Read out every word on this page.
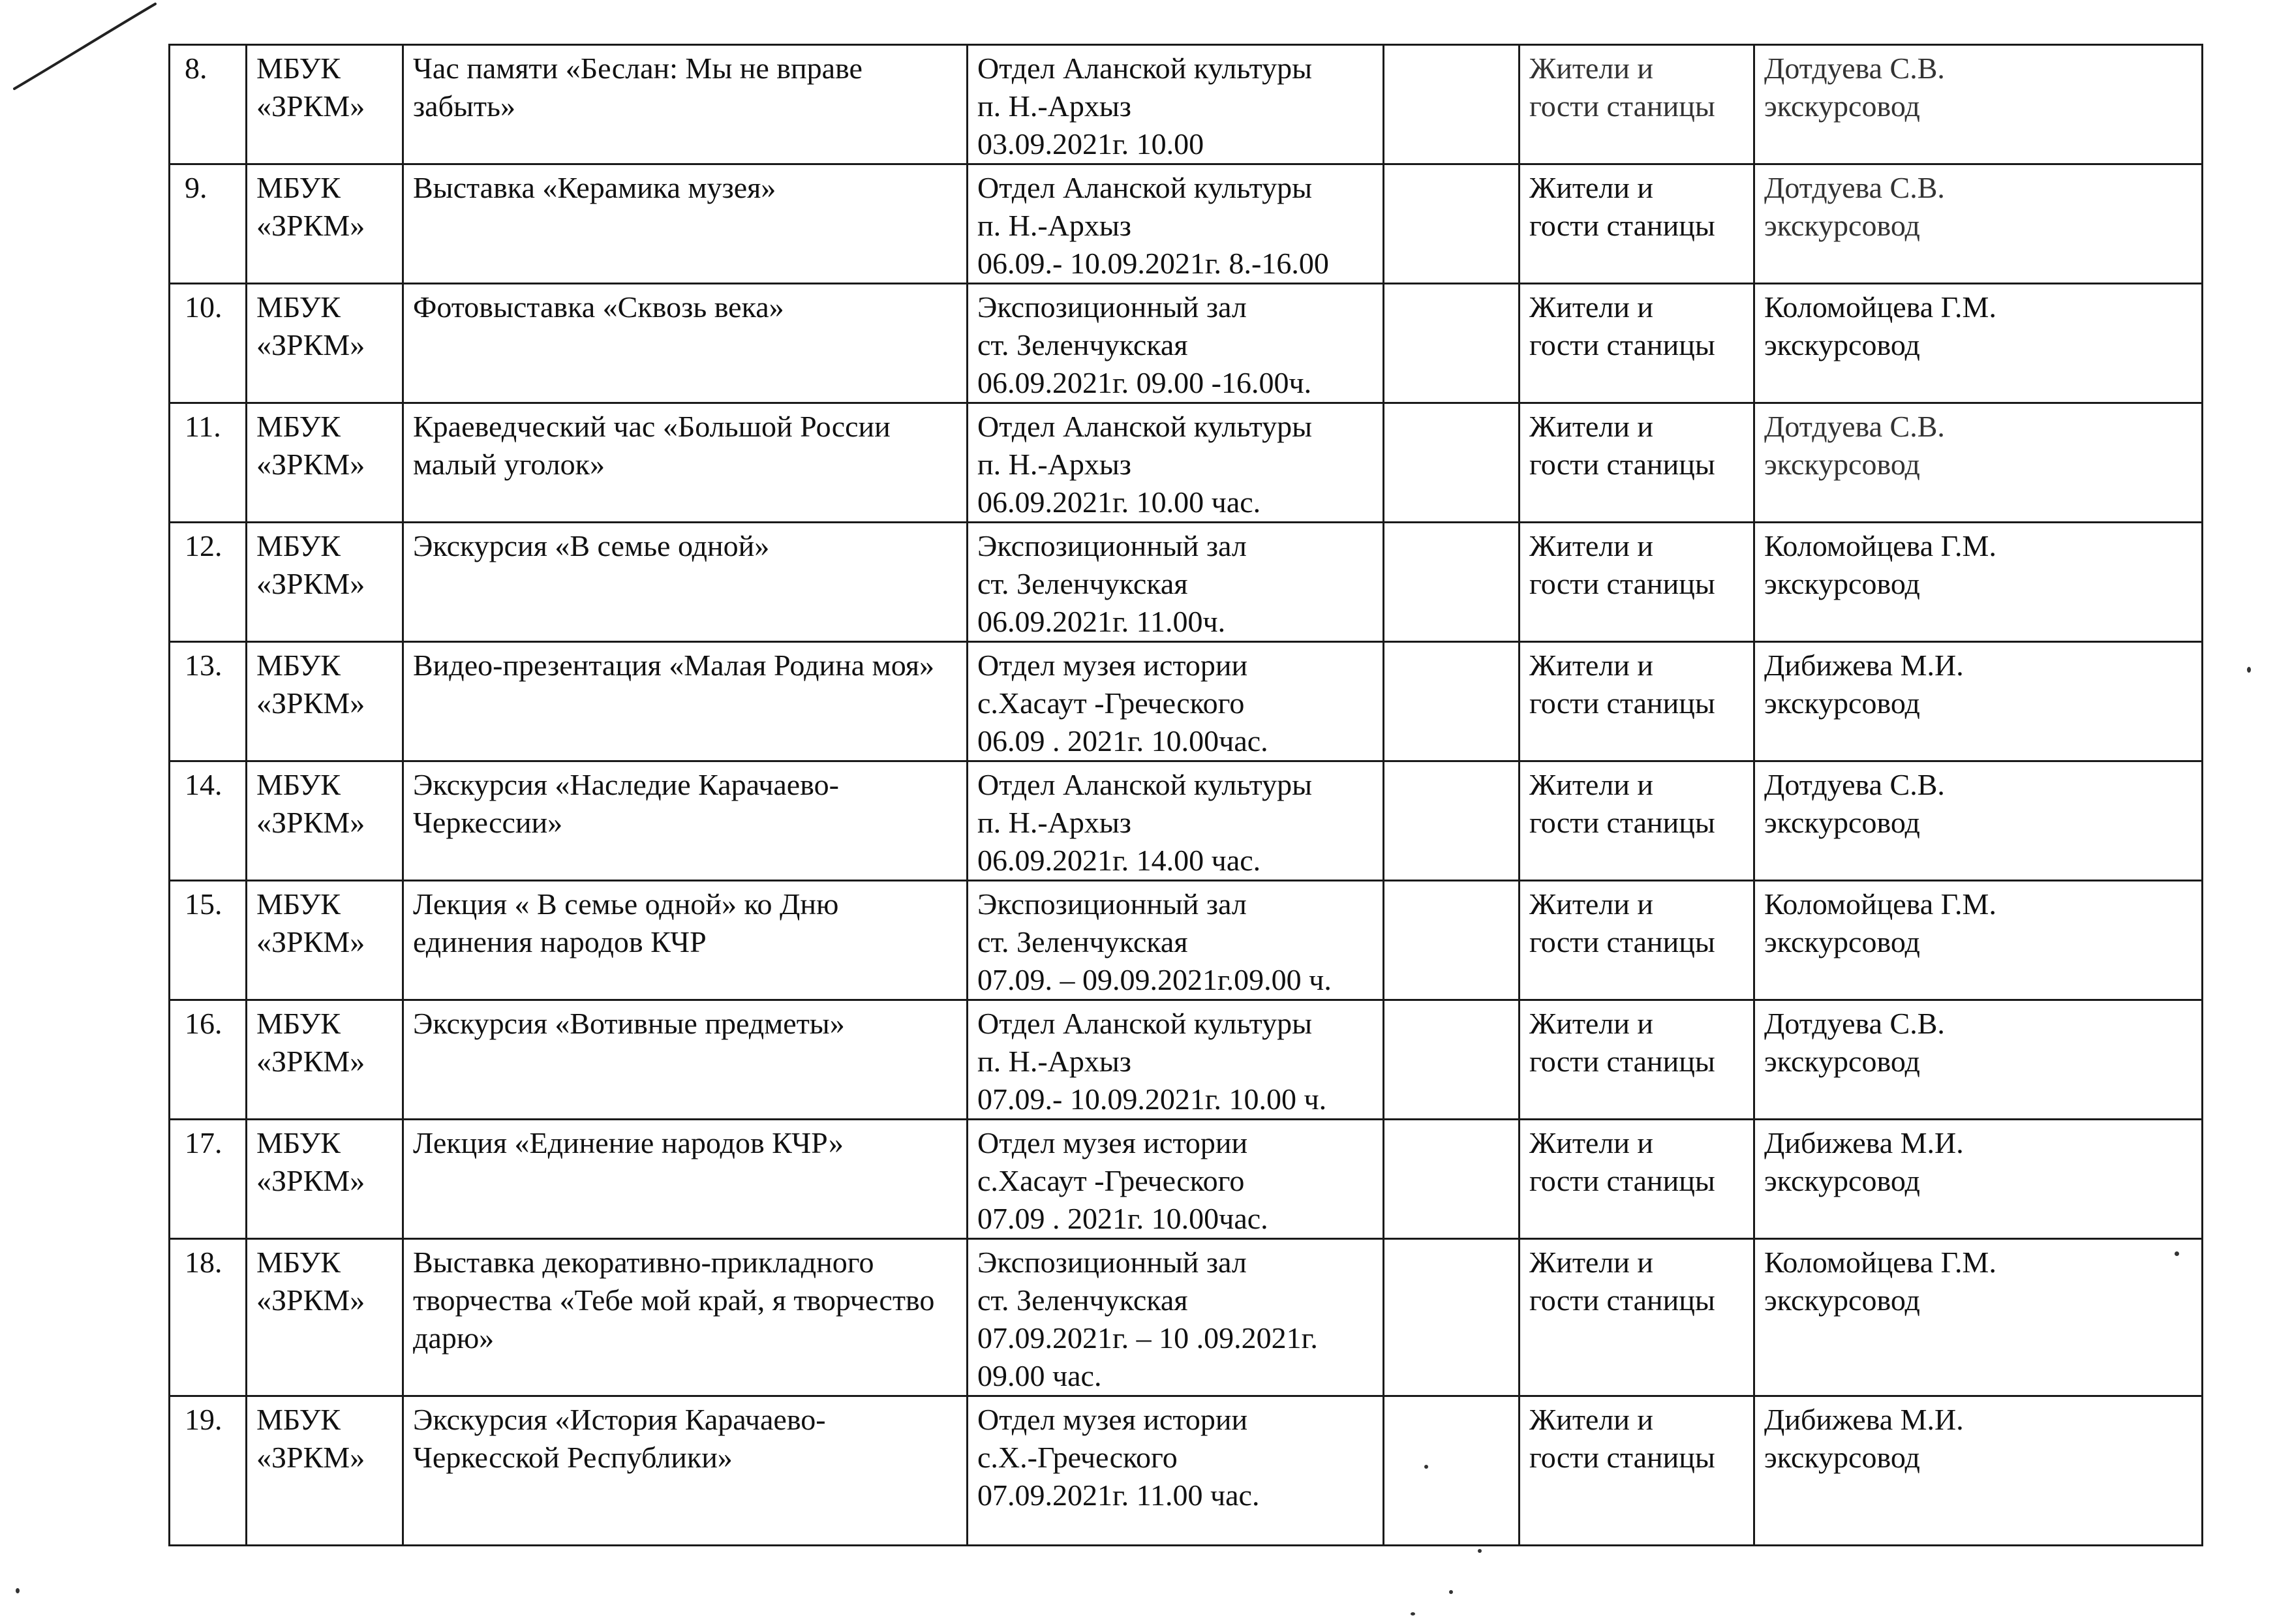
8.	МБУК
«ЗРКМ»	Час памяти «Беслан: Мы не вправе забыть»	Отдел Аланской культуры
п. Н.-Архыз
03.09.2021г. 10.00		Жители и
гости станицы	Дотдуева С.В.
экскурсовод
9.	МБУК
«ЗРКМ»	Выставка «Керамика музея»	Отдел Аланской культуры
п. Н.-Архыз
06.09.- 10.09.2021г. 8.-16.00		Жители и
гости станицы	Дотдуева С.В.
экскурсовод
10.	МБУК
«ЗРКМ»	Фотовыставка «Сквозь века»	Экспозиционный зал
ст. Зеленчукская
06.09.2021г. 09.00 -16.00ч.		Жители и
гости станицы	Коломойцева Г.М.
экскурсовод
11.	МБУК
«ЗРКМ»	Краеведческий час «Большой России малый уголок»	Отдел Аланской культуры
п. Н.-Архыз
06.09.2021г. 10.00 час.		Жители и
гости станицы	Дотдуева С.В.
экскурсовод
12.	МБУК
«ЗРКМ»	Экскурсия «В семье одной»	Экспозиционный зал
ст. Зеленчукская
06.09.2021г. 11.00ч.		Жители и
гости станицы	Коломойцева Г.М.
экскурсовод
13.	МБУК
«ЗРКМ»	Видео-презентация «Малая Родина моя»	Отдел музея истории
с.Хасаут -Греческого
06.09 . 2021г. 10.00час.		Жители и
гости станицы	Дибижева М.И.
экскурсовод
14.	МБУК
«ЗРКМ»	Экскурсия «Наследие Карачаево-Черкессии»	Отдел Аланской культуры
п. Н.-Архыз
06.09.2021г. 14.00 час.		Жители и
гости станицы	Дотдуева С.В.
экскурсовод
15.	МБУК
«ЗРКМ»	Лекция « В семье одной» ко Дню единения народов КЧР	Экспозиционный зал
ст. Зеленчукская
07.09. – 09.09.2021г.09.00 ч.		Жители и
гости станицы	Коломойцева Г.М.
экскурсовод
16.	МБУК
«ЗРКМ»	Экскурсия «Вотивные предметы»	Отдел Аланской культуры
п. Н.-Архыз
07.09.- 10.09.2021г. 10.00 ч.		Жители и
гости станицы	Дотдуева С.В.
экскурсовод
17.	МБУК
«ЗРКМ»	Лекция «Единение народов КЧР»	Отдел музея истории
с.Хасаут -Греческого
07.09 . 2021г. 10.00час.		Жители и
гости станицы	Дибижева М.И.
экскурсовод
18.	МБУК
«ЗРКМ»	Выставка декоративно-прикладного творчества «Тебе мой край, я творчество дарю»	Экспозиционный зал
ст. Зеленчукская
07.09.2021г. – 10 .09.2021г.
09.00 час.		Жители и
гости станицы	Коломойцева Г.М.
экскурсовод
19.	МБУК
«ЗРКМ»	Экскурсия «История Карачаево-Черкесской Республики»	Отдел музея истории
с.Х.-Греческого
07.09.2021г. 11.00 час.		Жители и
гости станицы	Дибижева М.И.
экскурсовод
